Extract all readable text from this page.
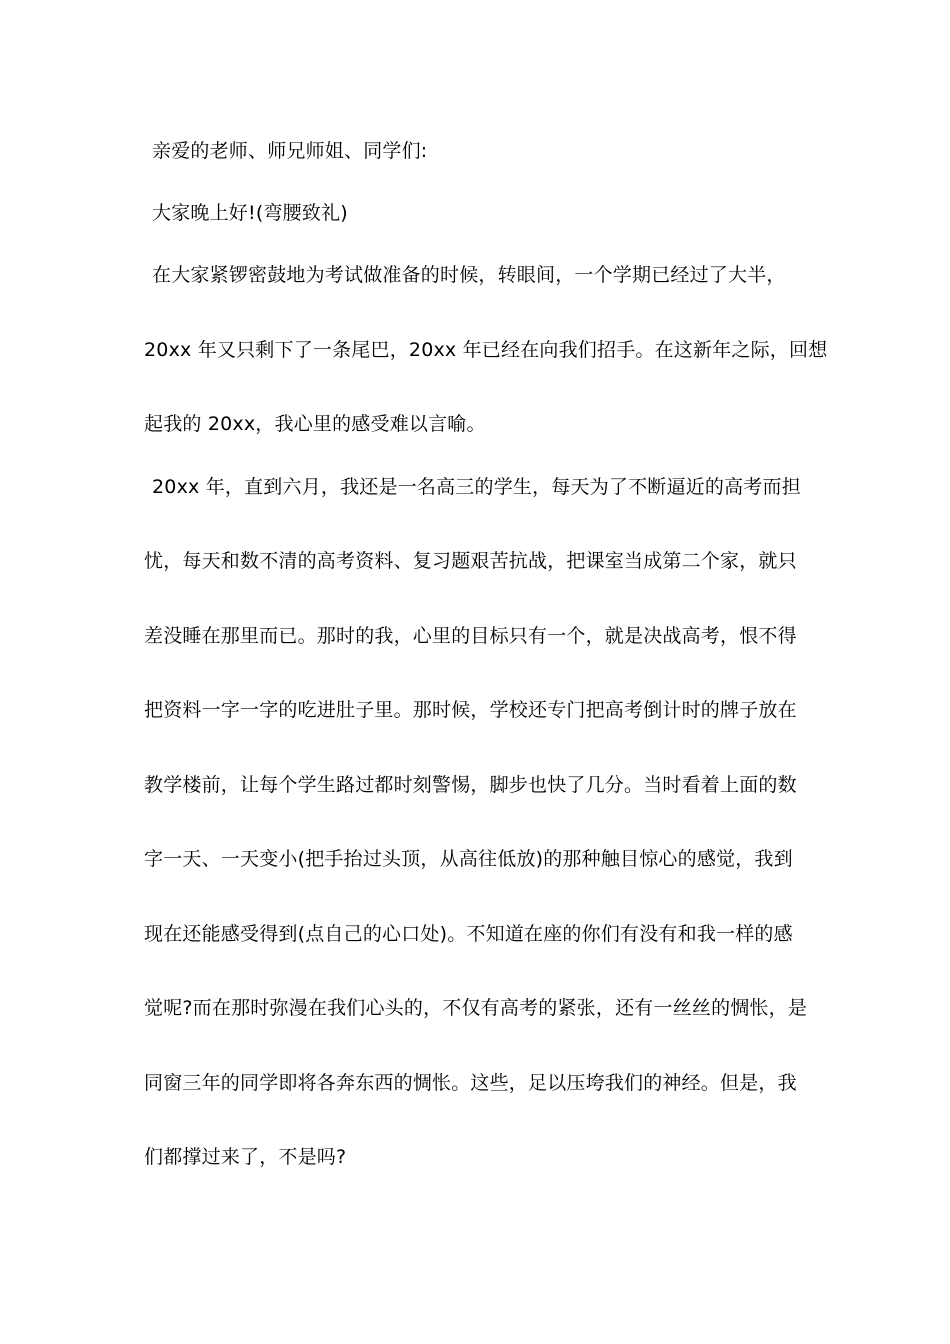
亲爱的老师、师兄师姐、同学们:
大家晚上好!(弯腰致礼)
在大家紧锣密鼓地为考试做准备的时候，转眼间，一个学期已经过了大半，
20xx 年又只剩下了一条尾巴，20xx 年已经在向我们招手。在这新年之际，回想
起我的 20xx，我心里的感受难以言喻。
20xx 年，直到六月，我还是一名高三的学生，每天为了不断逼近的高考而担
忧，每天和数不清的高考资料、复习题艰苦抗战，把课室当成第二个家，就只
差没睡在那里而已。那时的我，心里的目标只有一个，就是决战高考，恨不得
把资料一字一字的吃进肚子里。那时候，学校还专门把高考倒计时的牌子放在
教学楼前，让每个学生路过都时刻警惕，脚步也快了几分。当时看着上面的数
字一天、一天变小(把手抬过头顶，从高往低放)的那种触目惊心的感觉，我到
现在还能感受得到(点自己的心口处)。不知道在座的你们有没有和我一样的感
觉呢?而在那时弥漫在我们心头的，不仅有高考的紧张，还有一丝丝的惆怅，是
同窗三年的同学即将各奔东西的惆怅。这些，足以压垮我们的神经。但是，我
们都撑过来了，不是吗?
